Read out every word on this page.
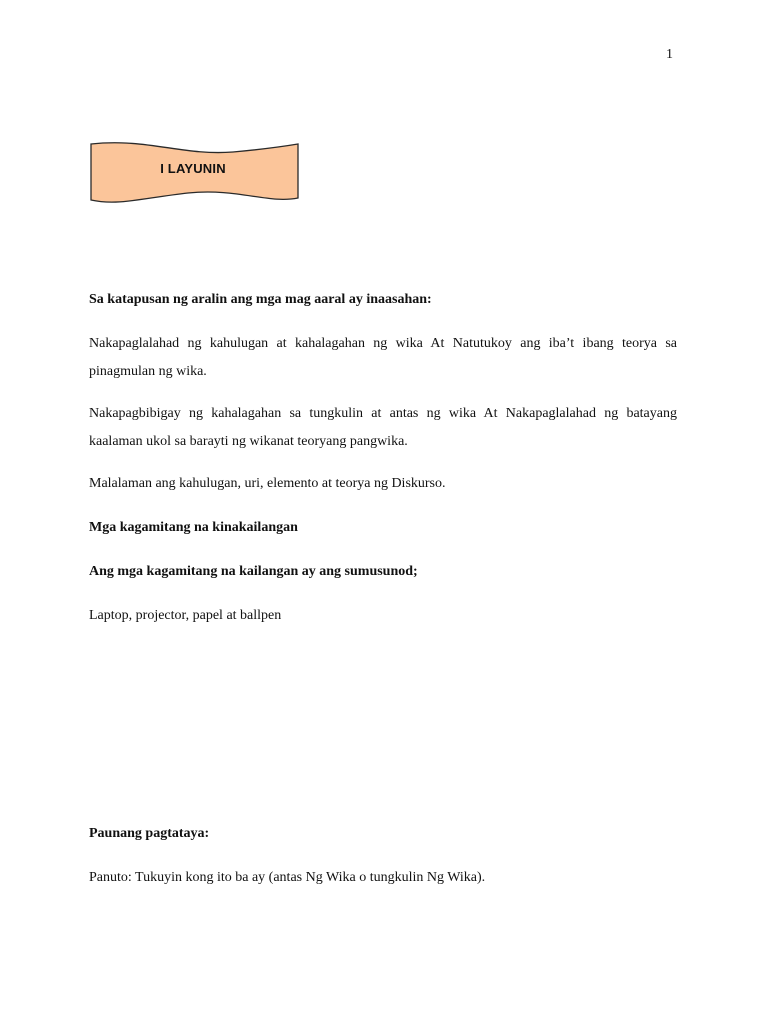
1
I LAYUNIN

Sa katapusan ng aralin ang mga mag aaral ay inaasahan:

Nakapaglalahad ng kahulugan at kahalagahan ng wika At Natutukoy ang iba’t ibang teorya sa pinagmulan ng wika.

Nakapagbibigay ng kahalagahan sa tungkulin at antas ng wika At Nakapaglalahad ng batayang kaalaman ukol sa barayti ng wikanat teoryang pangwika.

Malalaman ang kahulugan, uri, elemento at teorya ng Diskurso.

Mga kagamitang na kinakailangan

Ang mga kagamitang na kailangan ay ang sumusunod;

Laptop, projector, papel at ballpen

Paunang pagtataya:

Panuto: Tukuyin kong ito ba ay (antas Ng Wika o tungkulin Ng Wika).
